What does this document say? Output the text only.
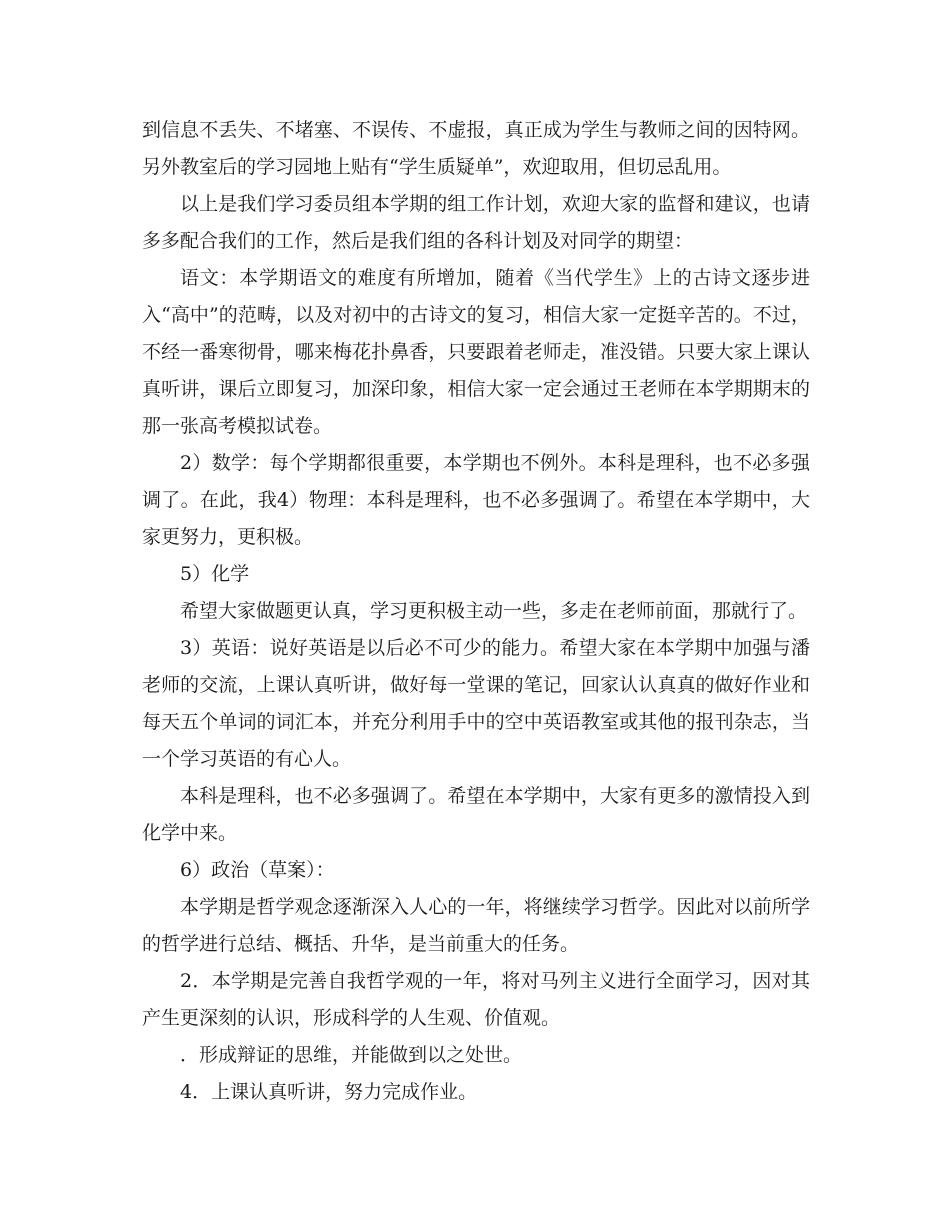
到信息不丢失、不堵塞、不误传、不虚报，真正成为学生与教师之间的因特网。另外教室后的学习园地上贴有“学生质疑单”，欢迎取用，但切忌乱用。

以上是我们学习委员组本学期的组工作计划，欢迎大家的监督和建议，也请多多配合我们的工作，然后是我们组的各科计划及对同学的期望：

语文：本学期语文的难度有所增加，随着《当代学生》上的古诗文逐步进入“高中”的范畴，以及对初中的古诗文的复习，相信大家一定挺辛苦的。不过，不经一番寒彻骨，哪来梅花扑鼻香，只要跟着老师走，准没错。只要大家上课认真听讲，课后立即复习，加深印象，相信大家一定会通过王老师在本学期期末的那一张高考模拟试卷。

2）数学：每个学期都很重要，本学期也不例外。本科是理科，也不必多强调了。在此，我4）物理：本科是理科，也不必多强调了。希望在本学期中，大家更努力，更积极。

5）化学

希望大家做题更认真，学习更积极主动一些，多走在老师前面，那就行了。

3）英语：说好英语是以后必不可少的能力。希望大家在本学期中加强与潘老师的交流，上课认真听讲，做好每一堂课的笔记，回家认认真真的做好作业和每天五个单词的词汇本，并充分利用手中的空中英语教室或其他的报刊杂志，当一个学习英语的有心人。

本科是理科，也不必多强调了。希望在本学期中，大家有更多的激情投入到化学中来。

6）政治（草案）：

本学期是哲学观念逐渐深入人心的一年，将继续学习哲学。因此对以前所学的哲学进行总结、概括、升华，是当前重大的任务。

2．本学期是完善自我哲学观的一年，将对马列主义进行全面学习，因对其产生更深刻的认识，形成科学的人生观、价值观。

．形成辩证的思维，并能做到以之处世。

4．上课认真听讲，努力完成作业。
